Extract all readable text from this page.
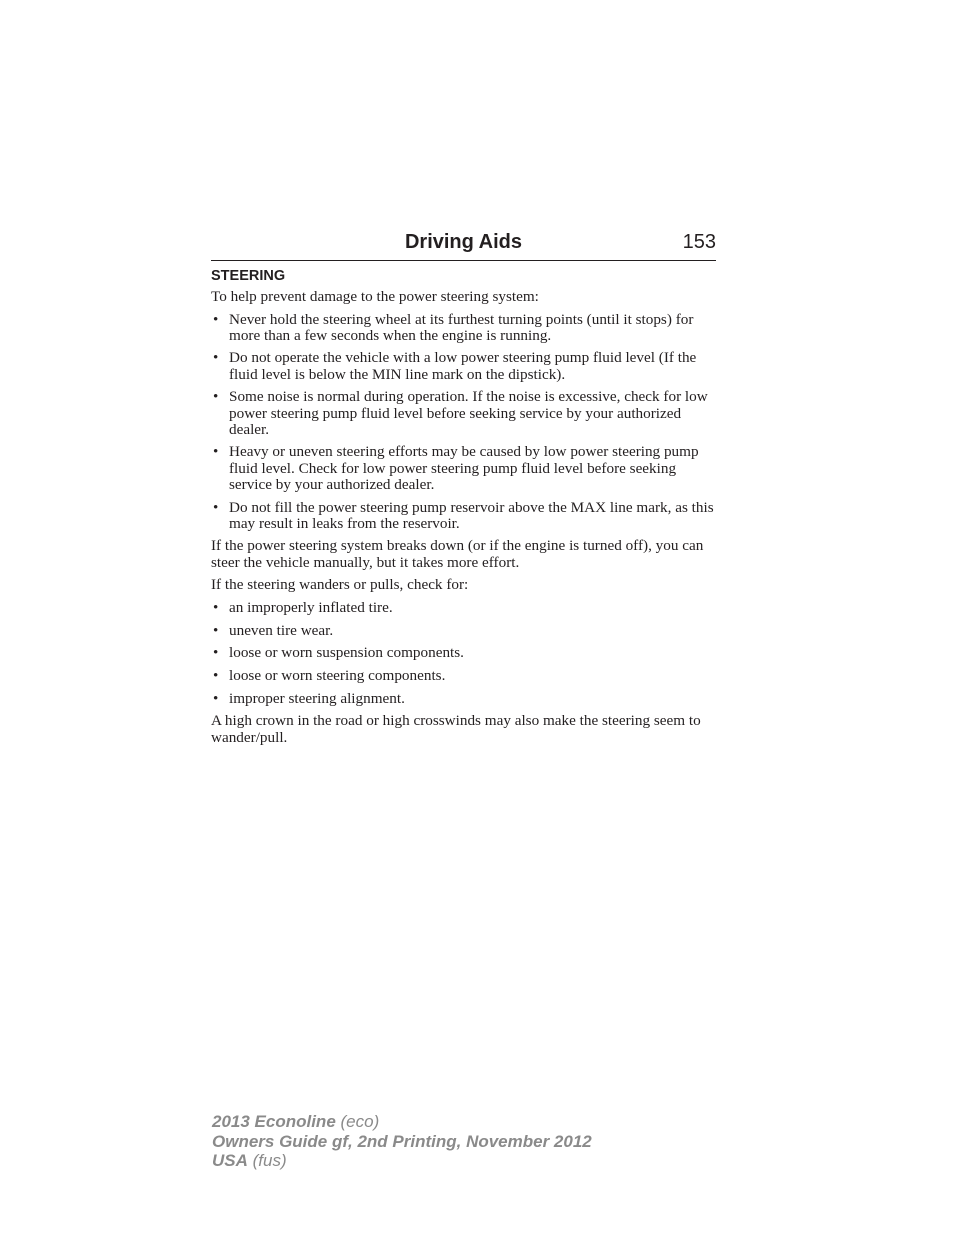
Driving Aids	153
STEERING

To help prevent damage to the power steering system:

• Never hold the steering wheel at its furthest turning points (until it stops) for more than a few seconds when the engine is running.
• Do not operate the vehicle with a low power steering pump fluid level (If the fluid level is below the MIN line mark on the dipstick).
• Some noise is normal during operation. If the noise is excessive, check for low power steering pump fluid level before seeking service by your authorized dealer.
• Heavy or uneven steering efforts may be caused by low power steering pump fluid level. Check for low power steering pump fluid level before seeking service by your authorized dealer.
• Do not fill the power steering pump reservoir above the MAX line mark, as this may result in leaks from the reservoir.

If the power steering system breaks down (or if the engine is turned off), you can steer the vehicle manually, but it takes more effort.

If the steering wanders or pulls, check for:

• an improperly inflated tire.
• uneven tire wear.
• loose or worn suspension components.
• loose or worn steering components.
• improper steering alignment.

A high crown in the road or high crosswinds may also make the steering seem to wander/pull.

2013 Econoline (eco)
Owners Guide gf, 2nd Printing, November 2012
USA (fus)
